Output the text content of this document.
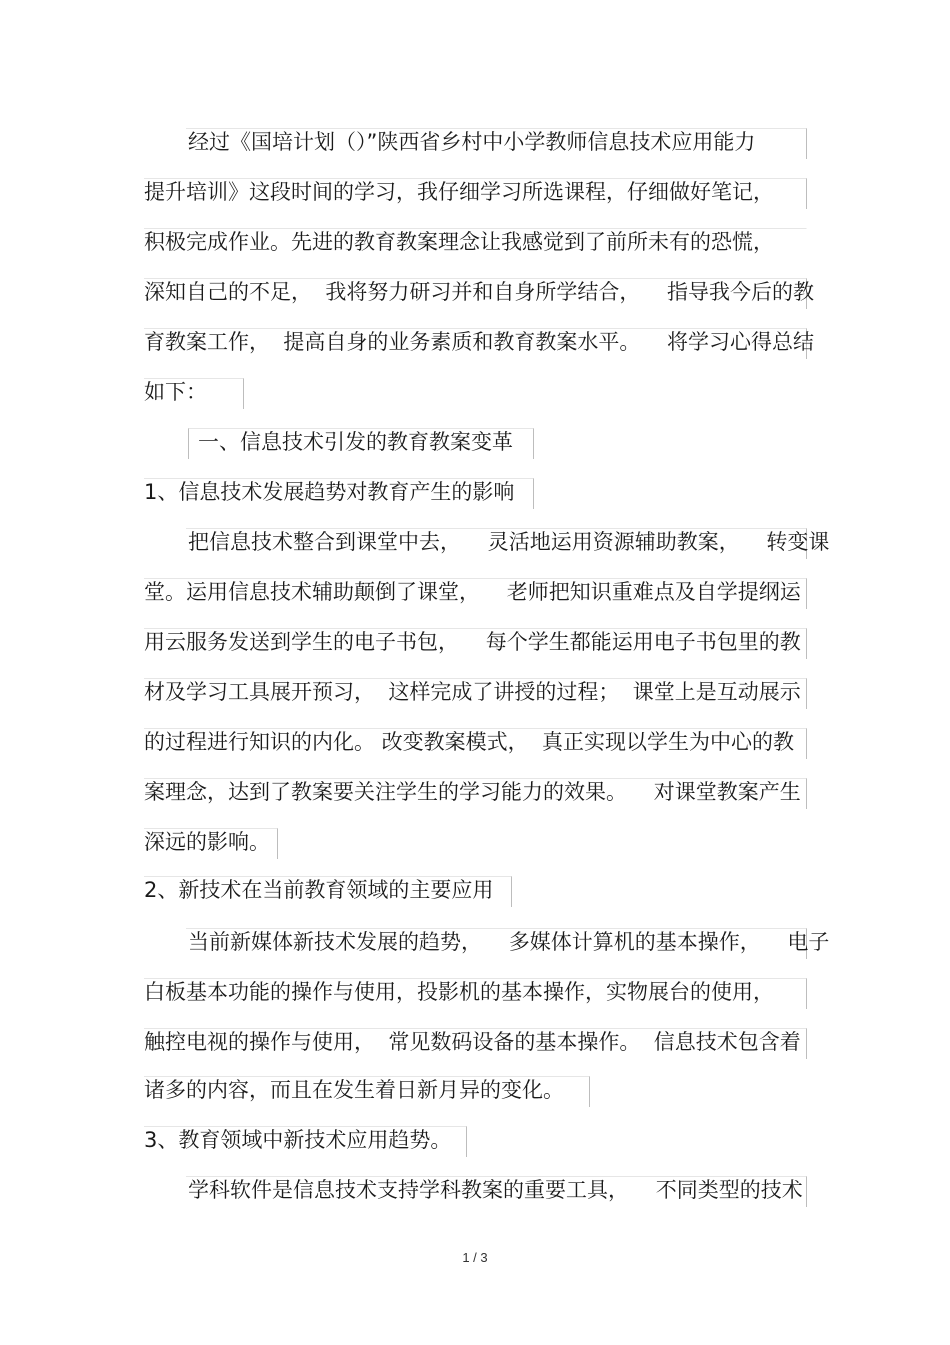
经过《国培计划（）”陕西省乡村中小学教师信息技术应用能力
提升培训》这段时间的学习，我仔细学习所选课程，仔细做好笔记，
积极完成作业。先进的教育教案理念让我感觉到了前所未有的恐慌，
深知自己的不足，  我将努力研习并和自身所学结合，    指导我今后的教
育教案工作，  提高自身的业务素质和教育教案水平。    将学习心得总结
如下：
一、信息技术引发的教育教案变革
1、信息技术发展趋势对教育产生的影响
把信息技术整合到课堂中去，    灵活地运用资源辅助教案，    转变课
堂。运用信息技术辅助颠倒了课堂，    老师把知识重难点及自学提纲运
用云服务发送到学生的电子书包，    每个学生都能运用电子书包里的教
材及学习工具展开预习，  这样完成了讲授的过程；  课堂上是互动展示
的过程进行知识的内化。 改变教案模式，  真正实现以学生为中心的教
案理念，达到了教案要关注学生的学习能力的效果。    对课堂教案产生
深远的影响。
2、新技术在当前教育领域的主要应用
当前新媒体新技术发展的趋势，    多媒体计算机的基本操作，    电子
白板基本功能的操作与使用，投影机的基本操作，实物展台的使用，
触控电视的操作与使用，  常见数码设备的基本操作。  信息技术包含着
诸多的内容，而且在发生着日新月异的变化。
3、教育领域中新技术应用趋势。
学科软件是信息技术支持学科教案的重要工具，    不同类型的技术
1 / 3
